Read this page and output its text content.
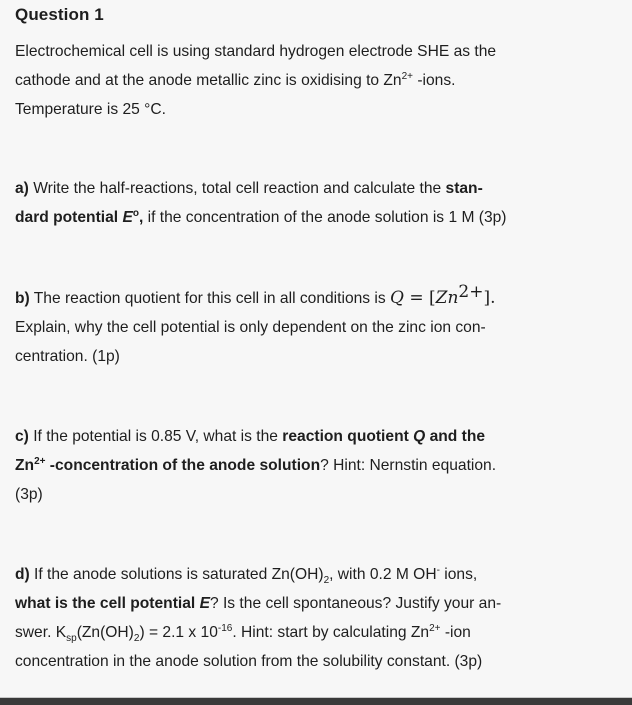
Question 1
Electrochemical cell is using standard hydrogen electrode SHE as the
cathode and at the anode metallic zinc is oxidising to $Zn^{2+}$ -ions.
Temperature is 25 °C.
a) Write the half-reactions, total cell reaction and calculate the stan-
dard potential $E^o$, if the concentration of the anode solution is 1 M (3p)
b) The reaction quotient for this cell in all conditions is $Q = [Zn^{2+}]$.
Explain, why the cell potential is only dependent on the zinc ion con-
centration. (1p)
c) If the potential is 0.85 V, what is the reaction quotient Q and the
$Zn^{2+}$ -concentration of the anode solution? Hint: Nernstin equation.
(3p)
d) If the anode solutions is saturated $Zn(OH)_2$, with 0.2 M OH- ions,
what is the cell potential E? Is the cell spontaneous? Justify your an-
swer. $K_{sp}(Zn(OH)_2) = 2.1$ x $10^{-16}$. Hint: start by calculating $Zn^{2+}$ -ion
concentration in the anode solution from the solubility constant. (3p)
